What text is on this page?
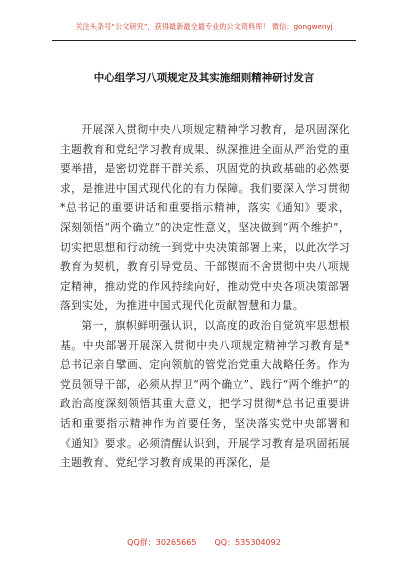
关注头条号“公文研究”，获得最新最全最专业的公文资料库！ 微信：gongwenyj
中心组学习八项规定及其实施细则精神研讨发言

开展深入贯彻中央八项规定精神学习教育，是巩固深化主题教育和党纪学习教育成果、纵深推进全面从严治党的重要举措，是密切党群干群关系、巩固党的执政基础的必然要求，是推进中国式现代化的有力保障。我们要深入学习贯彻*总书记的重要讲话和重要指示精神，落实《通知》要求，深刻领悟“两个确立”的决定性意义，坚决做到“两个维护”，切实把思想和行动统一到党中央决策部署上来，以此次学习教育为契机，教育引导党员、干部锲而不舍贯彻中央八项规定精神，推动党的作风持续向好，推动党中央各项决策部署落到实处，为推进中国式现代化贡献智慧和力量。

第一，旗帜鲜明强认识，以高度的政治自觉筑牢思想根基。中央部署开展深入贯彻中央八项规定精神学习教育是*总书记亲自擘画、定向领航的管党治党重大战略任务。作为党员领导干部，必须从捍卫“两个确立”、践行“两个维护”的政治高度深刻领悟其重大意义，把学习贯彻*总书记重要讲话和重要指示精神作为首要任务，坚决落实党中央部署和《通知》要求。必须清醒认识到，开展学习教育是巩固拓展主题教育、党纪学习教育成果的再深化，是

QQ群：30265665 QQ：535304092
